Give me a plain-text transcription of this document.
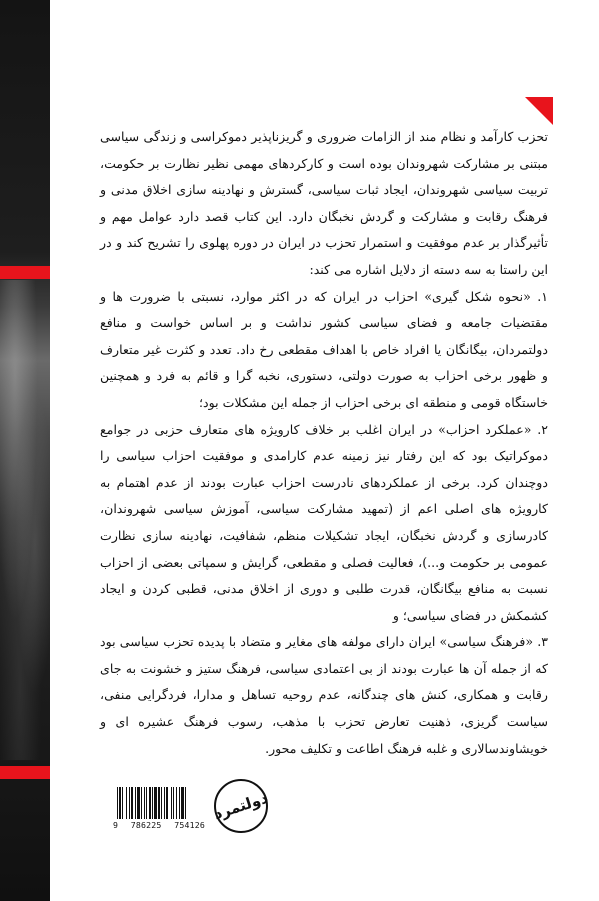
تحزب کارآمد و نظام مند از الزامات ضروری و گریزناپذیر دموکراسی و زندگی سیاسی مبتنی بر مشارکت شهروندان بوده است و کارکردهای مهمی نظیر نظارت بر حکومت، تربیت سیاسی شهروندان، ایجاد ثبات سیاسی، گسترش و نهادینه سازی اخلاق مدنی و فرهنگ رقابت و مشارکت و گردش نخبگان دارد. این کتاب قصد دارد عوامل مهم و تأثیرگذار بر عدم موفقیت و استمرار تحزب در ایران در دوره پهلوی را تشریح کند و در این راستا به سه دسته از دلایل اشاره می کند:

۱. «نحوه شکل گیری» احزاب در ایران که در اکثر موارد، نسبتی با ضرورت ها و مقتضیات جامعه و فضای سیاسی کشور نداشت و بر اساس خواست و منافع دولتمردان، بیگانگان یا افراد خاص با اهداف مقطعی رخ داد. تعدد و کثرت غیر متعارف و ظهور برخی احزاب به صورت دولتی، دستوری، نخبه گرا و قائم به فرد و همچنین خاستگاه قومی و منطقه ای برخی احزاب از جمله این مشکلات بود؛

۲. «عملکرد احزاب» در ایران اغلب بر خلاف کارویژه های متعارف حزبی در جوامع دموکراتیک بود که این رفتار نیز زمینه عدم کارامدی و موفقیت احزاب سیاسی را دوچندان کرد. برخی از عملکردهای نادرست احزاب عبارت بودند از عدم اهتمام به کارویژه های اصلی اعم از (تمهید مشارکت سیاسی، آموزش سیاسی شهروندان، کادرسازی و گردش نخبگان، ایجاد تشکیلات منظم، شفافیت، نهادینه سازی نظارت عمومی بر حکومت و...)، فعالیت فصلی و مقطعی، گرایش و سمپاتی بعضی از احزاب نسبت به منافع بیگانگان، قدرت طلبی و دوری از اخلاق مدنی، قطبی کردن و ایجاد کشمکش در فضای سیاسی؛ و

۳. «فرهنگ سیاسی» ایران دارای مولفه های مغایر و متضاد با پدیده تحزب سیاسی بود که از جمله آن ها عبارت بودند از بی اعتمادی سیاسی، فرهنگ ستیز و خشونت به جای رقابت و همکاری، کنش های چندگانه، عدم روحیه تساهل و مدارا، فردگرایی منفی، سیاست گریزی، ذهنیت تعارض تحزب با مذهب، رسوب فرهنگ عشیره ای و خویشاوندسالاری و غلبه فرهنگ اطاعت و تکلیف محور.

9 786225 754126
دولتمرد
